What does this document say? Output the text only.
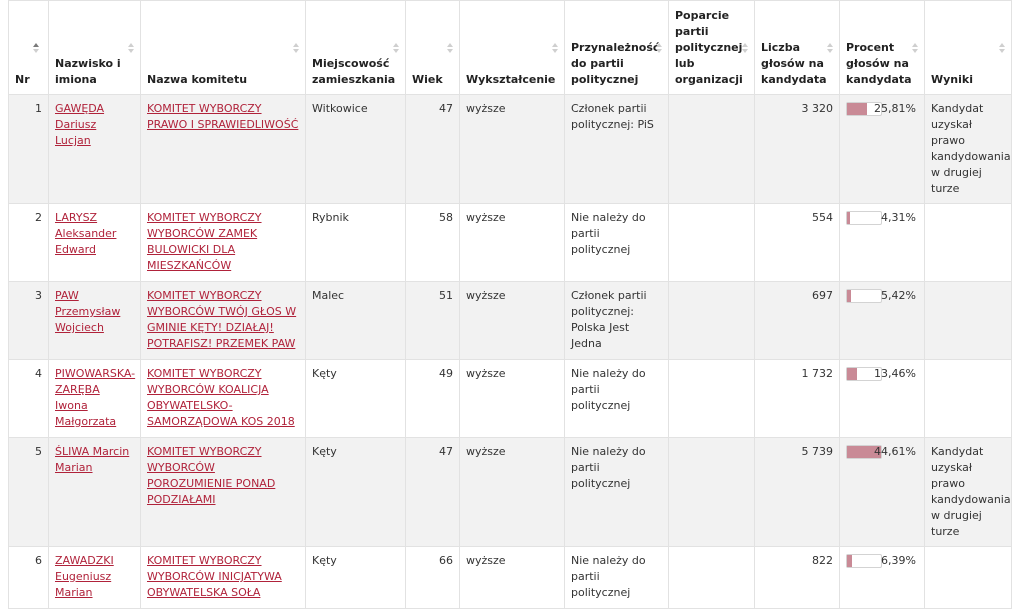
Nr	Nazwisko i imiona	Nazwa komitetu	Miejscowość zamieszkania	Wiek	Wykształcenie	Przynależność do partii politycznej	Poparcie partii politycznej lub organizacji	Liczba głosów na kandydata	Procent głosów na kandydata	Wyniki
1	GAWĘDA Dariusz Lucjan	KOMITET WYBORCZY PRAWO I SPRAWIEDLIWOŚĆ	Witkowice	47	wyższe	Członek partii politycznej: PiS		3 320	25,81%	Kandydat uzyskał prawo kandydowania w drugiej turze
2	LARYSZ Aleksander Edward	KOMITET WYBORCZY WYBORCÓW ZAMEK BULOWICKI DLA MIESZKAŃCÓW	Rybnik	58	wyższe	Nie należy do partii politycznej		554	4,31%	

3	PAW Przemysław Wojciech	KOMITET WYBORCZY WYBORCÓW TWÓJ GŁOS W GMINIE KĘTY! DZIAŁAJ! POTRAFISZ! PRZEMEK PAW	Malec	51	wyższe	Członek partii politycznej: Polska Jest Jedna		697	5,42%	

4	PIWOWARSKA-ZARĘBA Iwona Małgorzata	KOMITET WYBORCZY WYBORCÓW KOALICJA OBYWATELSKO-SAMORZĄDOWA KOS 2018	Kęty	49	wyższe	Nie należy do partii politycznej		1 732	13,46%	

5	ŚLIWA Marcin Marian	KOMITET WYBORCZY WYBORCÓW POROZUMIENIE PONAD PODZIAŁAMI	Kęty	47	wyższe	Nie należy do partii politycznej		5 739	44,61%	Kandydat uzyskał prawo kandydowania w drugiej turze
6	ZAWADZKI Eugeniusz Marian	KOMITET WYBORCZY WYBORCÓW INICJATYWA OBYWATELSKA SOŁA	Kęty	66	wyższe	Nie należy do partii politycznej		822	6,39%	
